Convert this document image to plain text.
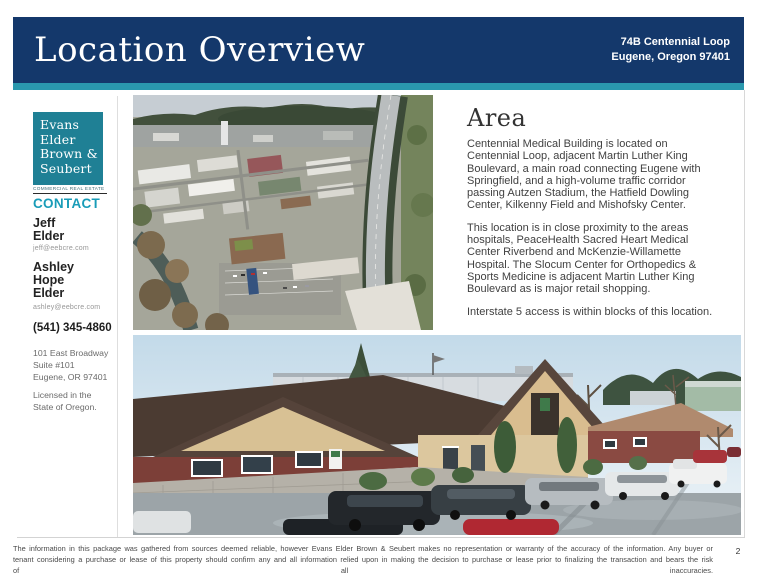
Location Overview	74B Centennial Loop
Eugene, Oregon 97401
Evans
Elder
Brown &
Seubert
COMMERCIAL REAL ESTATE
CONTACT
Jeff
Elder
jeff@eebcre.com
Ashley
Hope
Elder
ashley@eebcre.com
(541) 345-4860
101 East Broadway
Suite #101
Eugene, OR 97401
Licensed in the
State of Oregon.
Area

Centennial Medical Building is located on Centennial Loop, adjacent Martin Luther King Boulevard, a main road connecting Eugene with Springfield, and a high-volume traffic corridor passing Autzen Stadium, the Hatfield Dowling Center, Kilkenny Field and Mishofsky Center.

This location is in close proximity to the areas hospitals, PeaceHealth Sacred Heart Medical Center Riverbend and McKenzie-Willamette Hospital. The Slocum Center for Orthopedics & Sports Medicine is adjacent Martin Luther King Boulevard as is major retail shopping.

Interstate 5 access is within blocks of this location.

The information in this package was gathered from sources deemed reliable, however Evans Elder Brown & Seubert makes no representation or warranty of the accuracy of the information. Any buyer or tenant considering a purchase or lease of this property should confirm any and all information relied upon in making the decision to purchase or lease prior to finalizing the transaction and bears the risk of all inaccuracies.
2
